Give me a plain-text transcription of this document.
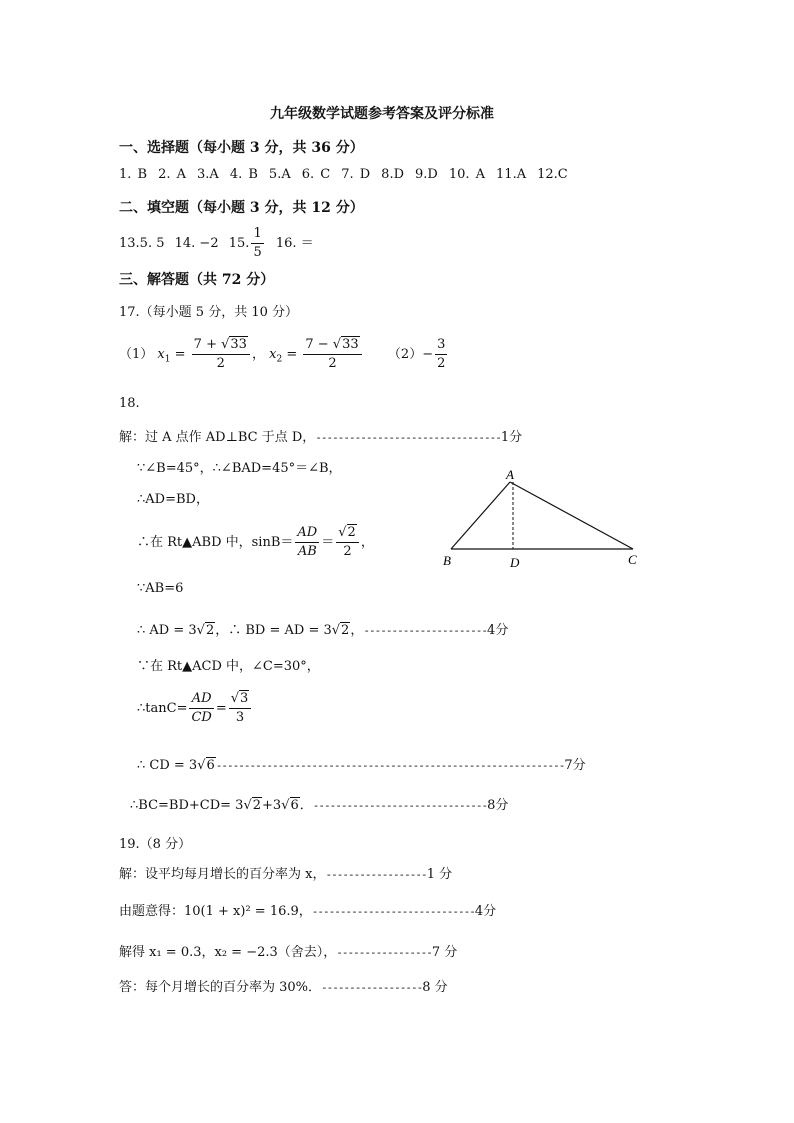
九年级数学试题参考答案及评分标准
一、选择题（每小题 3 分，共 36 分）
1. B 2. A 3.A 4. B 5.A 6. C 7. D 8.D 9.D 10. A 11.A 12.C
二、填空题（每小题 3 分，共 12 分）
13.5. 5 14. −2 15. $\frac{1}{5} 16$. ＝
三、解答题（共 72 分）
17.（每小题 5 分，共 10 分）
（1） $x_1 = \frac{7 + √33}{2}$ ， $x_2 = \frac{7 - √33}{2} (2)- \frac{3}{2}$
18.
解：过 A 点作 AD⊥BC 于点 D，---------------------------------1分
∵∠B=45°，∴∠BAD=45°＝∠B，
∴AD=BD，
∴在 Rt▲ABD 中，$\sin B= \frac{AD}{AB} = \frac{√2}{2}$ ，
∵AB=6
∴ AD = 3√2，∴ BD = AD = 3√2，----------------------4分
∵在 Rt▲ACD 中，∠C=30°，
∴tanC= $\frac{AD}{CD} = \frac{√3}{3}$
∴ CD = 3√6--------------------------------------------------------------7分
∴BC=BD+CD= 3√2+3√6．-------------------------------8分
A
B	D	C
19.（8 分）
解：设平均每月增长的百分率为 x，------------------1 分
由题意得：10(1 + x)² = 16.9，-----------------------------4分
解得 x₁ = 0.3，x₂ = −2.3（舍去），-----------------7 分
答：每个月增长的百分率为 30%．------------------8 分
